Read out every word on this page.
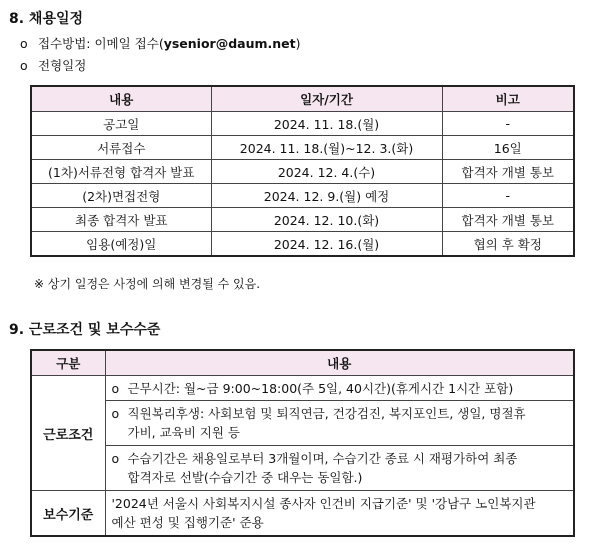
8. 채용일정
o 접수방법: 이메일 접수(ysenior@daum.net)
o 전형일정
내용	일자/기간	비고
공고일	2024. 11. 18.(월)	-
서류접수	2024. 11. 18.(월)~12. 3.(화)	16일
(1차)서류전형 합격자 발표	2024. 12. 4.(수)	합격자 개별 통보
(2차)면접전형	2024. 12. 9.(월) 예정	-
최종 합격자 발표	2024. 12. 10.(화)	합격자 개별 통보
임용(예정)일	2024. 12. 16.(월)	협의 후 확정
※ 상기 일정은 사정에 의해 변경될 수 있음.
9. 근로조건 및 보수수준
구분	내용
근로조건	o 근무시간: 월~금 9:00~18:00(주 5일, 40시간)(휴게시간 1시간 포함)

	o 직원복리후생: 사회보험 및 퇴직연금, 건강검진, 복지포인트, 생일, 명절휴
가비, 교육비 지원 등

	o 수습기간은 채용일로부터 3개월이며, 수습기간 종료 시 재평가하여 최종
합격자로 선발(수습기간 중 대우는 동일함.)

보수기준	'2024년 서울시 사회복지시설 종사자 인건비 지급기준' 및 '강남구 노인복지관
예산 편성 및 집행기준' 준용
